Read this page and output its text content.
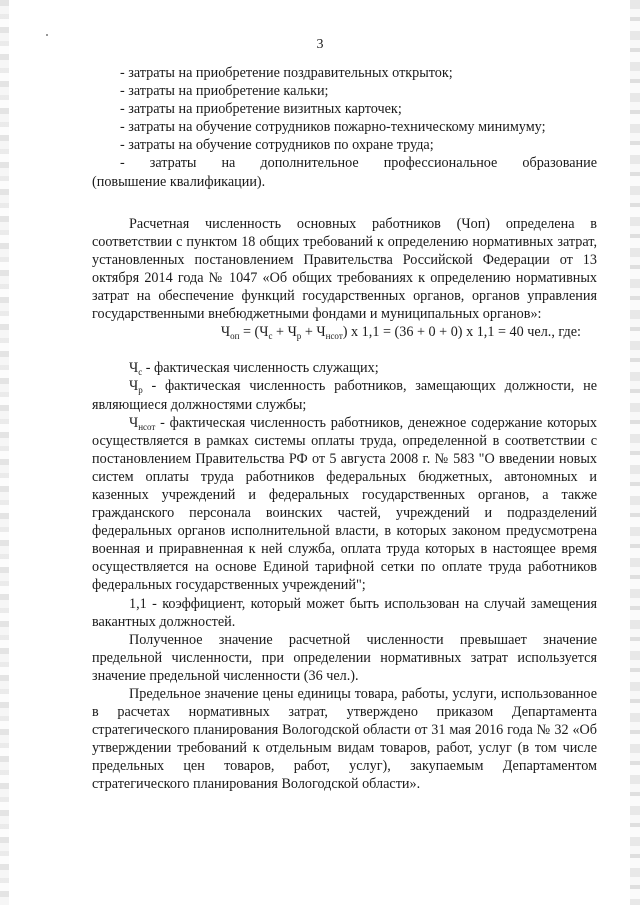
3

- затраты на приобретение поздравительных открыток;

- затраты на приобретение кальки;

- затраты на приобретение визитных карточек;

- затраты на обучение сотрудников пожарно-техническому минимуму;

- затраты на обучение сотрудников по охране труда;

-   затраты   на   дополнительное   профессиональное   образование

(повышение квалификации).

Расчетная численность основных работников (Чоп) определена в соответствии с пунктом 18 общих требований к определению нормативных затрат, установленных постановлением Правительства Российской Федерации от 13 октября 2014 года № 1047 «Об общих требованиях к определению нормативных затрат на обеспечение функций государственных органов, органов управления государственными внебюджетными фондами и муниципальных органов»:

$Ч_{оп} = (Ч_с + Ч_р + Ч_{нсот})$ х 1,1 = (36 + 0 + 0) х 1,1 = 40 чел., где:

$Ч_с$ - фактическая численность служащих;

$Ч_р$ - фактическая численность работников, замещающих должности, не являющиеся должностями службы;

$Ч_{нсот}$ - фактическая численность работников, денежное содержание которых осуществляется в рамках системы оплаты труда, определенной в соответствии с постановлением Правительства РФ от 5 августа 2008 г. № 583 "О введении новых систем оплаты труда работников федеральных бюджетных, автономных и казенных учреждений и федеральных государственных органов, а также гражданского персонала воинских частей, учреждений и подразделений федеральных органов исполнительной власти, в которых законом предусмотрена военная и приравненная к ней служба, оплата труда которых в настоящее время осуществляется на основе Единой тарифной сетки по оплате труда работников федеральных государственных учреждений";

1,1 - коэффициент, который может быть использован на случай замещения вакантных должностей.

Полученное значение расчетной численности превышает значение предельной численности, при определении нормативных затрат используется значение предельной численности (36 чел.).

Предельное значение цены единицы товара, работы, услуги, использованное в расчетах нормативных затрат, утверждено приказом Департамента стратегического планирования Вологодской области от 31 мая 2016 года № 32 «Об утверждении требований к отдельным видам товаров, работ, услуг (в том числе предельных цен товаров, работ, услуг), закупаемым Департаментом стратегического планирования Вологодской области».
